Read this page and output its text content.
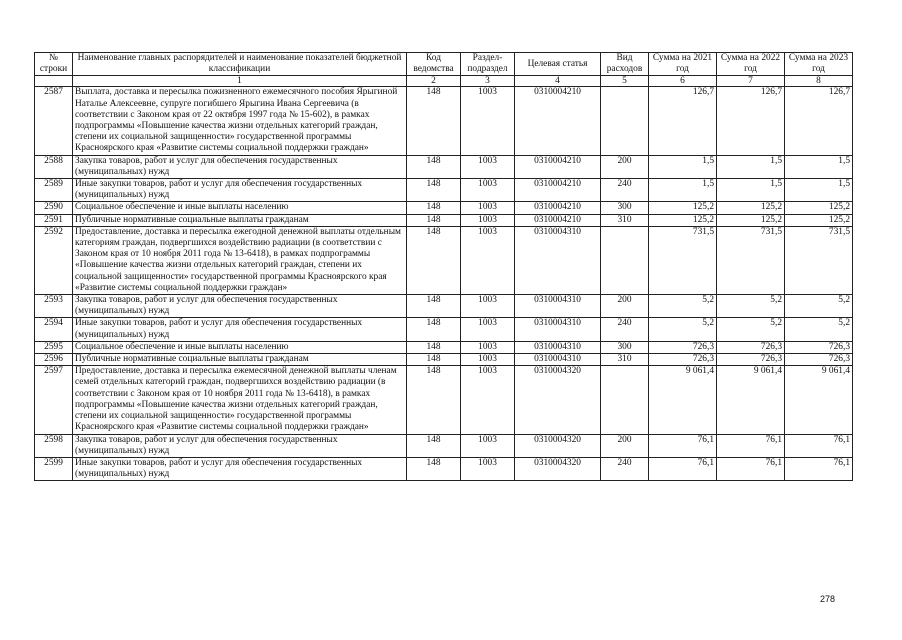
№ строки	Наименование главных распорядителей и наименование показателей бюджетной классификации	Код ведомства	Раздел-подраздел	Целевая статья	Вид расходов	Сумма на 2021 год	Сумма на 2022 год	Сумма на 2023 год
	1	2	3	4	5	6	7	8
2587	Выплата, доставка и пересылка пожизненного ежемесячного пособия Ярыгиной Наталье Алексеевне, супруге погибшего Ярыгина Ивана Сергеевича (в соответствии с Законом края от 22 октября 1997 года № 15-602), в рамках подпрограммы «Повышение качества жизни отдельных категорий граждан, степени их социальной защищенности» государственной программы Красноярского края «Развитие системы социальной поддержки граждан»	148	1003	0310004210		126,7	126,7	126,7
2588	Закупка товаров, работ и услуг для обеспечения государственных (муниципальных) нужд	148	1003	0310004210	200	1,5	1,5	1,5
2589	Иные закупки товаров, работ и услуг для обеспечения государственных (муниципальных) нужд	148	1003	0310004210	240	1,5	1,5	1,5
2590	Социальное обеспечение и иные выплаты населению	148	1003	0310004210	300	125,2	125,2	125,2
2591	Публичные нормативные социальные выплаты гражданам	148	1003	0310004210	310	125,2	125,2	125,2
2592	Предоставление, доставка и пересылка ежегодной денежной выплаты отдельным категориям граждан, подвергшихся воздействию радиации (в соответствии с Законом края от 10 ноября 2011 года № 13-6418), в рамках подпрограммы «Повышение качества жизни отдельных категорий граждан, степени их социальной защищенности» государственной программы Красноярского края «Развитие системы социальной поддержки граждан»	148	1003	0310004310		731,5	731,5	731,5
2593	Закупка товаров, работ и услуг для обеспечения государственных (муниципальных) нужд	148	1003	0310004310	200	5,2	5,2	5,2
2594	Иные закупки товаров, работ и услуг для обеспечения государственных (муниципальных) нужд	148	1003	0310004310	240	5,2	5,2	5,2
2595	Социальное обеспечение и иные выплаты населению	148	1003	0310004310	300	726,3	726,3	726,3
2596	Публичные нормативные социальные выплаты гражданам	148	1003	0310004310	310	726,3	726,3	726,3
2597	Предоставление, доставка и пересылка ежемесячной денежной выплаты членам семей отдельных категорий граждан, подвергшихся воздействию радиации (в соответствии с Законом края от 10 ноября 2011 года № 13-6418), в рамках подпрограммы «Повышение качества жизни отдельных категорий граждан, степени их социальной защищенности» государственной программы Красноярского края «Развитие системы социальной поддержки граждан»	148	1003	0310004320		9 061,4	9 061,4	9 061,4
2598	Закупка товаров, работ и услуг для обеспечения государственных (муниципальных) нужд	148	1003	0310004320	200	76,1	76,1	76,1
2599	Иные закупки товаров, работ и услуг для обеспечения государственных (муниципальных) нужд	148	1003	0310004320	240	76,1	76,1	76,1
278
